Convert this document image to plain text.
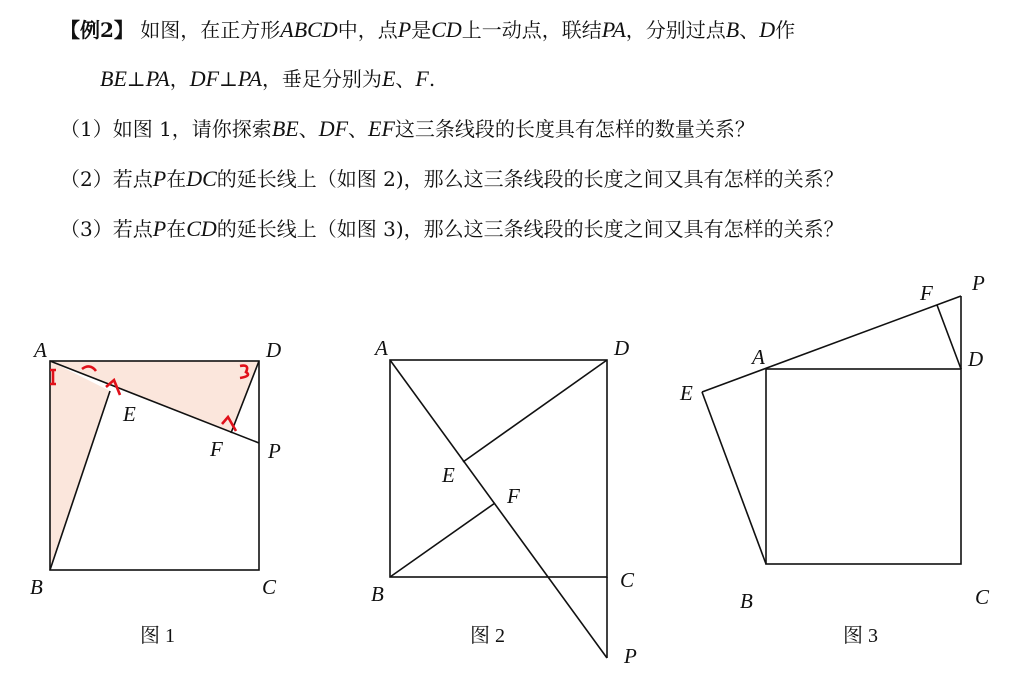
【例2】 如图，在正方形ABCD中，点P是CD上一动点，联结PA，分别过点B、D作
BE⊥PA，DF⊥PA，垂足分别为E、F.
（1）如图 1，请你探索BE、DF、EF这三条线段的长度具有怎样的数量关系？
（2）若点P在DC的延长线上（如图 2)，那么这三条线段的长度之间又具有怎样的关系？
（3）若点P在CD的延长线上（如图 3)，那么这三条线段的长度之间又具有怎样的关系？
A	D
B	C
E
F P
图 1
A	D
B
C
E
F
P
图 2
A	D
B	C
E
F P
图 3
